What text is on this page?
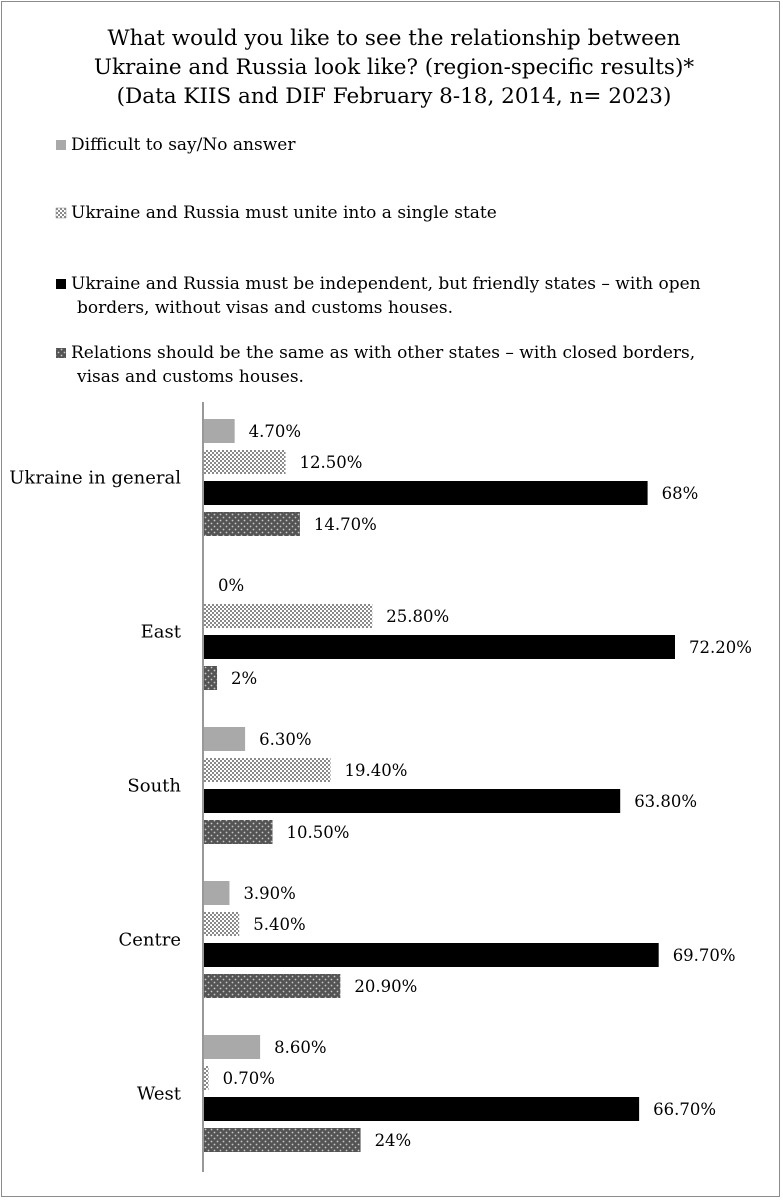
What would you like to see the relationship between
Ukraine and Russia look like? (region-specific results)*
(Data KIIS and DIF February 8-18, 2014, n= 2023)
Difficult to say/No answer
Ukraine and Russia must unite into a single state
Ukraine and Russia must be independent, but friendly states – with open
borders, without visas and customs houses.
Relations should be the same as with other states – with closed borders,
visas and customs houses.
Ukraine in general
East
South
Centre
West
4.70%
12.50%
68%
14.70%
0%
25.80%
72.20%
2%
6.30%
19.40%
63.80%
10.50%
3.90%
5.40%
69.70%
20.90%
8.60%
0.70%
66.70%
24%
